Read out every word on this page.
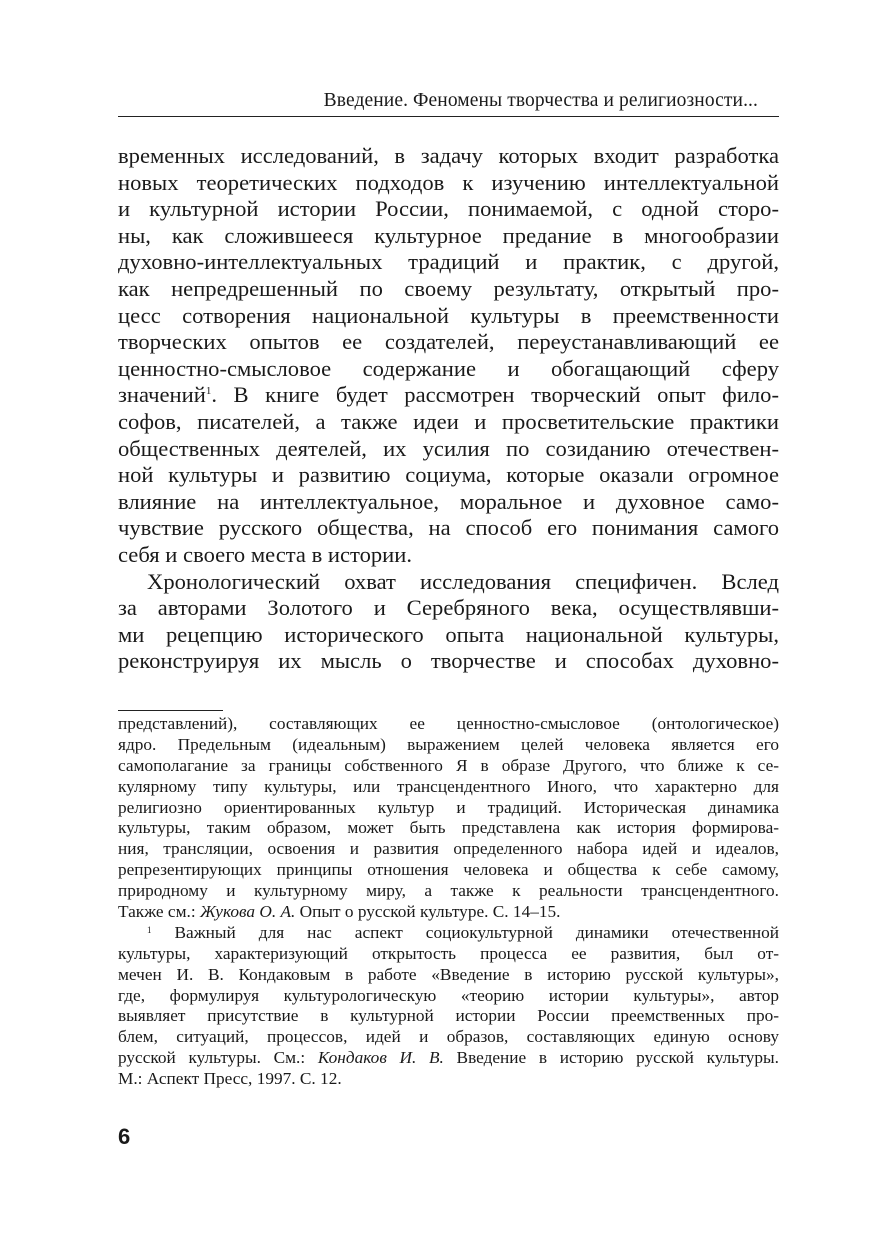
Введение. Феномены творчества и религиозности...
временных исследований, в задачу которых входит разработка
новых теоретических подходов к изучению интеллектуальной
и культурной истории России, понимаемой, с одной сторо-
ны, как сложившееся культурное предание в многообразии
духовно-интеллектуальных традиций и практик, с другой,
как непредрешенный по своему результату, открытый про-
цесс сотворения национальной культуры в преемственности
творческих опытов ее создателей, переустанавливающий ее
ценностно-смысловое содержание и обогащающий сферу
значений$^1$. В книге будет рассмотрен творческий опыт фило-
софов, писателей, а также идеи и просветительские практики
общественных деятелей, их усилия по созиданию отечествен-
ной культуры и развитию социума, которые оказали огромное
влияние на интеллектуальное, моральное и духовное само-
чувствие русского общества, на способ его понимания самого
себя и своего места в истории.
Хронологический охват исследования специфичен. Вслед
за авторами Золотого и Серебряного века, осуществлявши-
ми рецепцию исторического опыта национальной культуры,
реконструируя их мысль о творчестве и способах духовно-
представлений), составляющих ее ценностно-смысловое (онтологическое)
ядро. Предельным (идеальным) выражением целей человека является его
самополагание за границы собственного Я в образе Другого, что ближе к се-
кулярному типу культуры, или трансцендентного Иного, что характерно для
религиозно ориентированных культур и традиций. Историческая динамика
культуры, таким образом, может быть представлена как история формирова-
ния, трансляции, освоения и развития определенного набора идей и идеалов,
репрезентирующих принципы отношения человека и общества к себе самому,
природному и культурному миру, а также к реальности трансцендентного.
Также см.: Жукова О. А. Опыт о русской культуре. С. 14–15.
$^1$ Важный для нас аспект социокультурной динамики отечественной
культуры, характеризующий открытость процесса ее развития, был от-
мечен И. В. Кондаковым в работе «Введение в историю русской культуры»,
где, формулируя культурологическую «теорию истории культуры», автор
выявляет присутствие в культурной истории России преемственных про-
блем, ситуаций, процессов, идей и образов, составляющих единую основу
русской культуры. См.: Кондаков И. В. Введение в историю русской культуры.
М.: Аспект Пресс, 1997. С. 12.
6
